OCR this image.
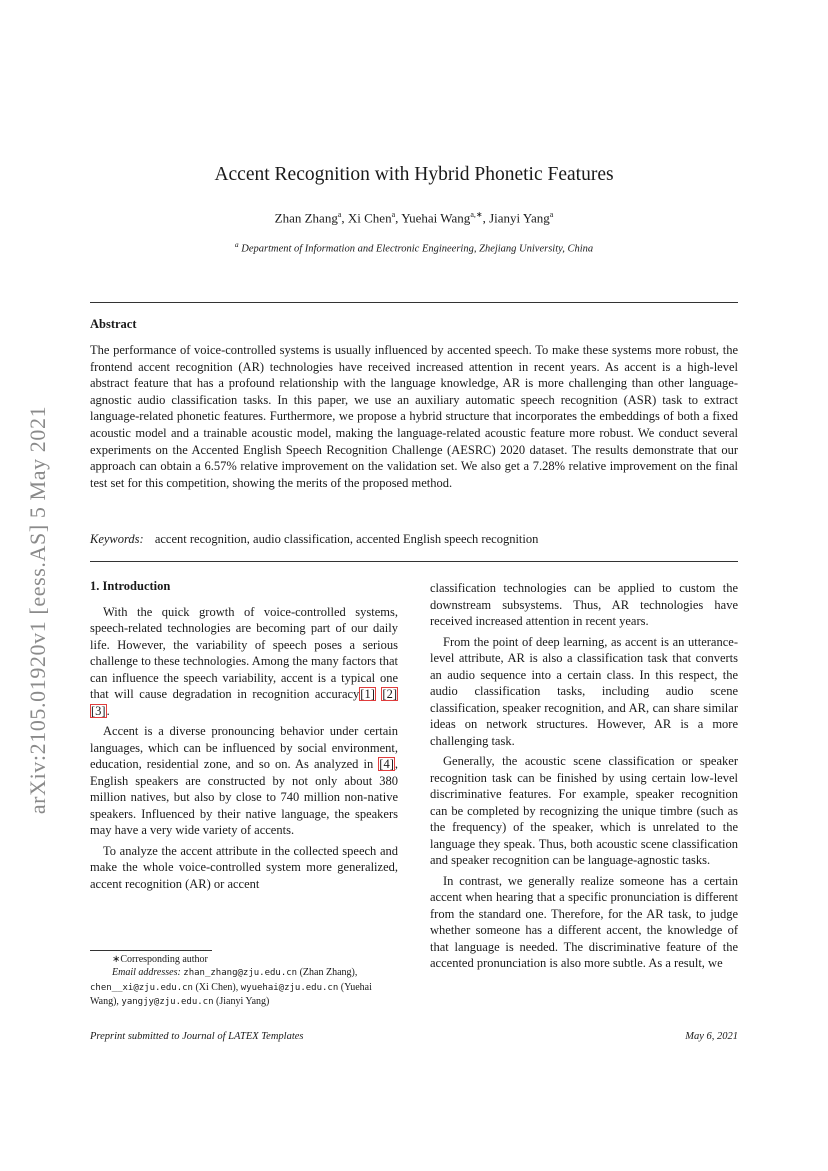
arXiv:2105.01920v1 [eess.AS] 5 May 2021
Accent Recognition with Hybrid Phonetic Features
Zhan Zhang$^a$, Xi Chen$^a$, Yuehai Wang$^{a,∗}$, Jianyi Yang$^a$
$^a$ Department of Information and Electronic Engineering, Zhejiang University, China
Abstract
The performance of voice-controlled systems is usually influenced by accented speech. To make these systems more robust, the frontend accent recognition (AR) technologies have received increased attention in recent years. As accent is a high-level abstract feature that has a profound relationship with the language knowledge, AR is more challenging than other language-agnostic audio classification tasks. In this paper, we use an auxiliary automatic speech recognition (ASR) task to extract language-related phonetic features. Furthermore, we propose a hybrid structure that incorporates the embeddings of both a fixed acoustic model and a trainable acoustic model, making the language-related acoustic feature more robust. We conduct several experiments on the Accented English Speech Recognition Challenge (AESRC) 2020 dataset. The results demonstrate that our approach can obtain a 6.57% relative improvement on the validation set. We also get a 7.28% relative improvement on the final test set for this competition, showing the merits of the proposed method.
Keywords: accent recognition, audio classification, accented English speech recognition
1. Introduction

With the quick growth of voice-controlled systems, speech-related technologies are becoming part of our daily life. However, the variability of speech poses a serious challenge to these technologies. Among the many factors that can influence the speech variability, accent is a typical one that will cause degradation in recognition accuracy[1] [2][3].

Accent is a diverse pronouncing behavior under certain languages, which can be influenced by social environment, education, residential zone, and so on. As analyzed in [4], English speakers are constructed by not only about 380 million natives, but also by close to 740 million non-native speakers. Influenced by their native language, the speakers may have a very wide variety of accents.

To analyze the accent attribute in the collected speech and make the whole voice-controlled system more generalized, accent recognition (AR) or accent

classification technologies can be applied to custom the downstream subsystems. Thus, AR technologies have received increased attention in recent years.

From the point of deep learning, as accent is an utterance-level attribute, AR is also a classification task that converts an audio sequence into a certain class. In this respect, the audio classification tasks, including audio scene classification, speaker recognition, and AR, can share similar ideas on network structures. However, AR is a more challenging task.

Generally, the acoustic scene classification or speaker recognition task can be finished by using certain low-level discriminative features. For example, speaker recognition can be completed by recognizing the unique timbre (such as the frequency) of the speaker, which is unrelated to the language they speak. Thus, both acoustic scene classification and speaker recognition can be language-agnostic tasks.

In contrast, we generally realize someone has a certain accent when hearing that a specific pronunciation is different from the standard one. Therefore, for the AR task, to judge whether someone has a different accent, the knowledge of that language is needed. The discriminative feature of the accented pronunciation is also more subtle. As a result, we

∗Corresponding author
Email addresses: zhan_zhang@zju.edu.cn (Zhan Zhang), chen__xi@zju.edu.cn (Xi Chen), wyuehai@zju.edu.cn (Yuehai Wang), yangjy@zju.edu.cn (Jianyi Yang)
Preprint submitted to Journal of LATEX Templates	May 6, 2021
